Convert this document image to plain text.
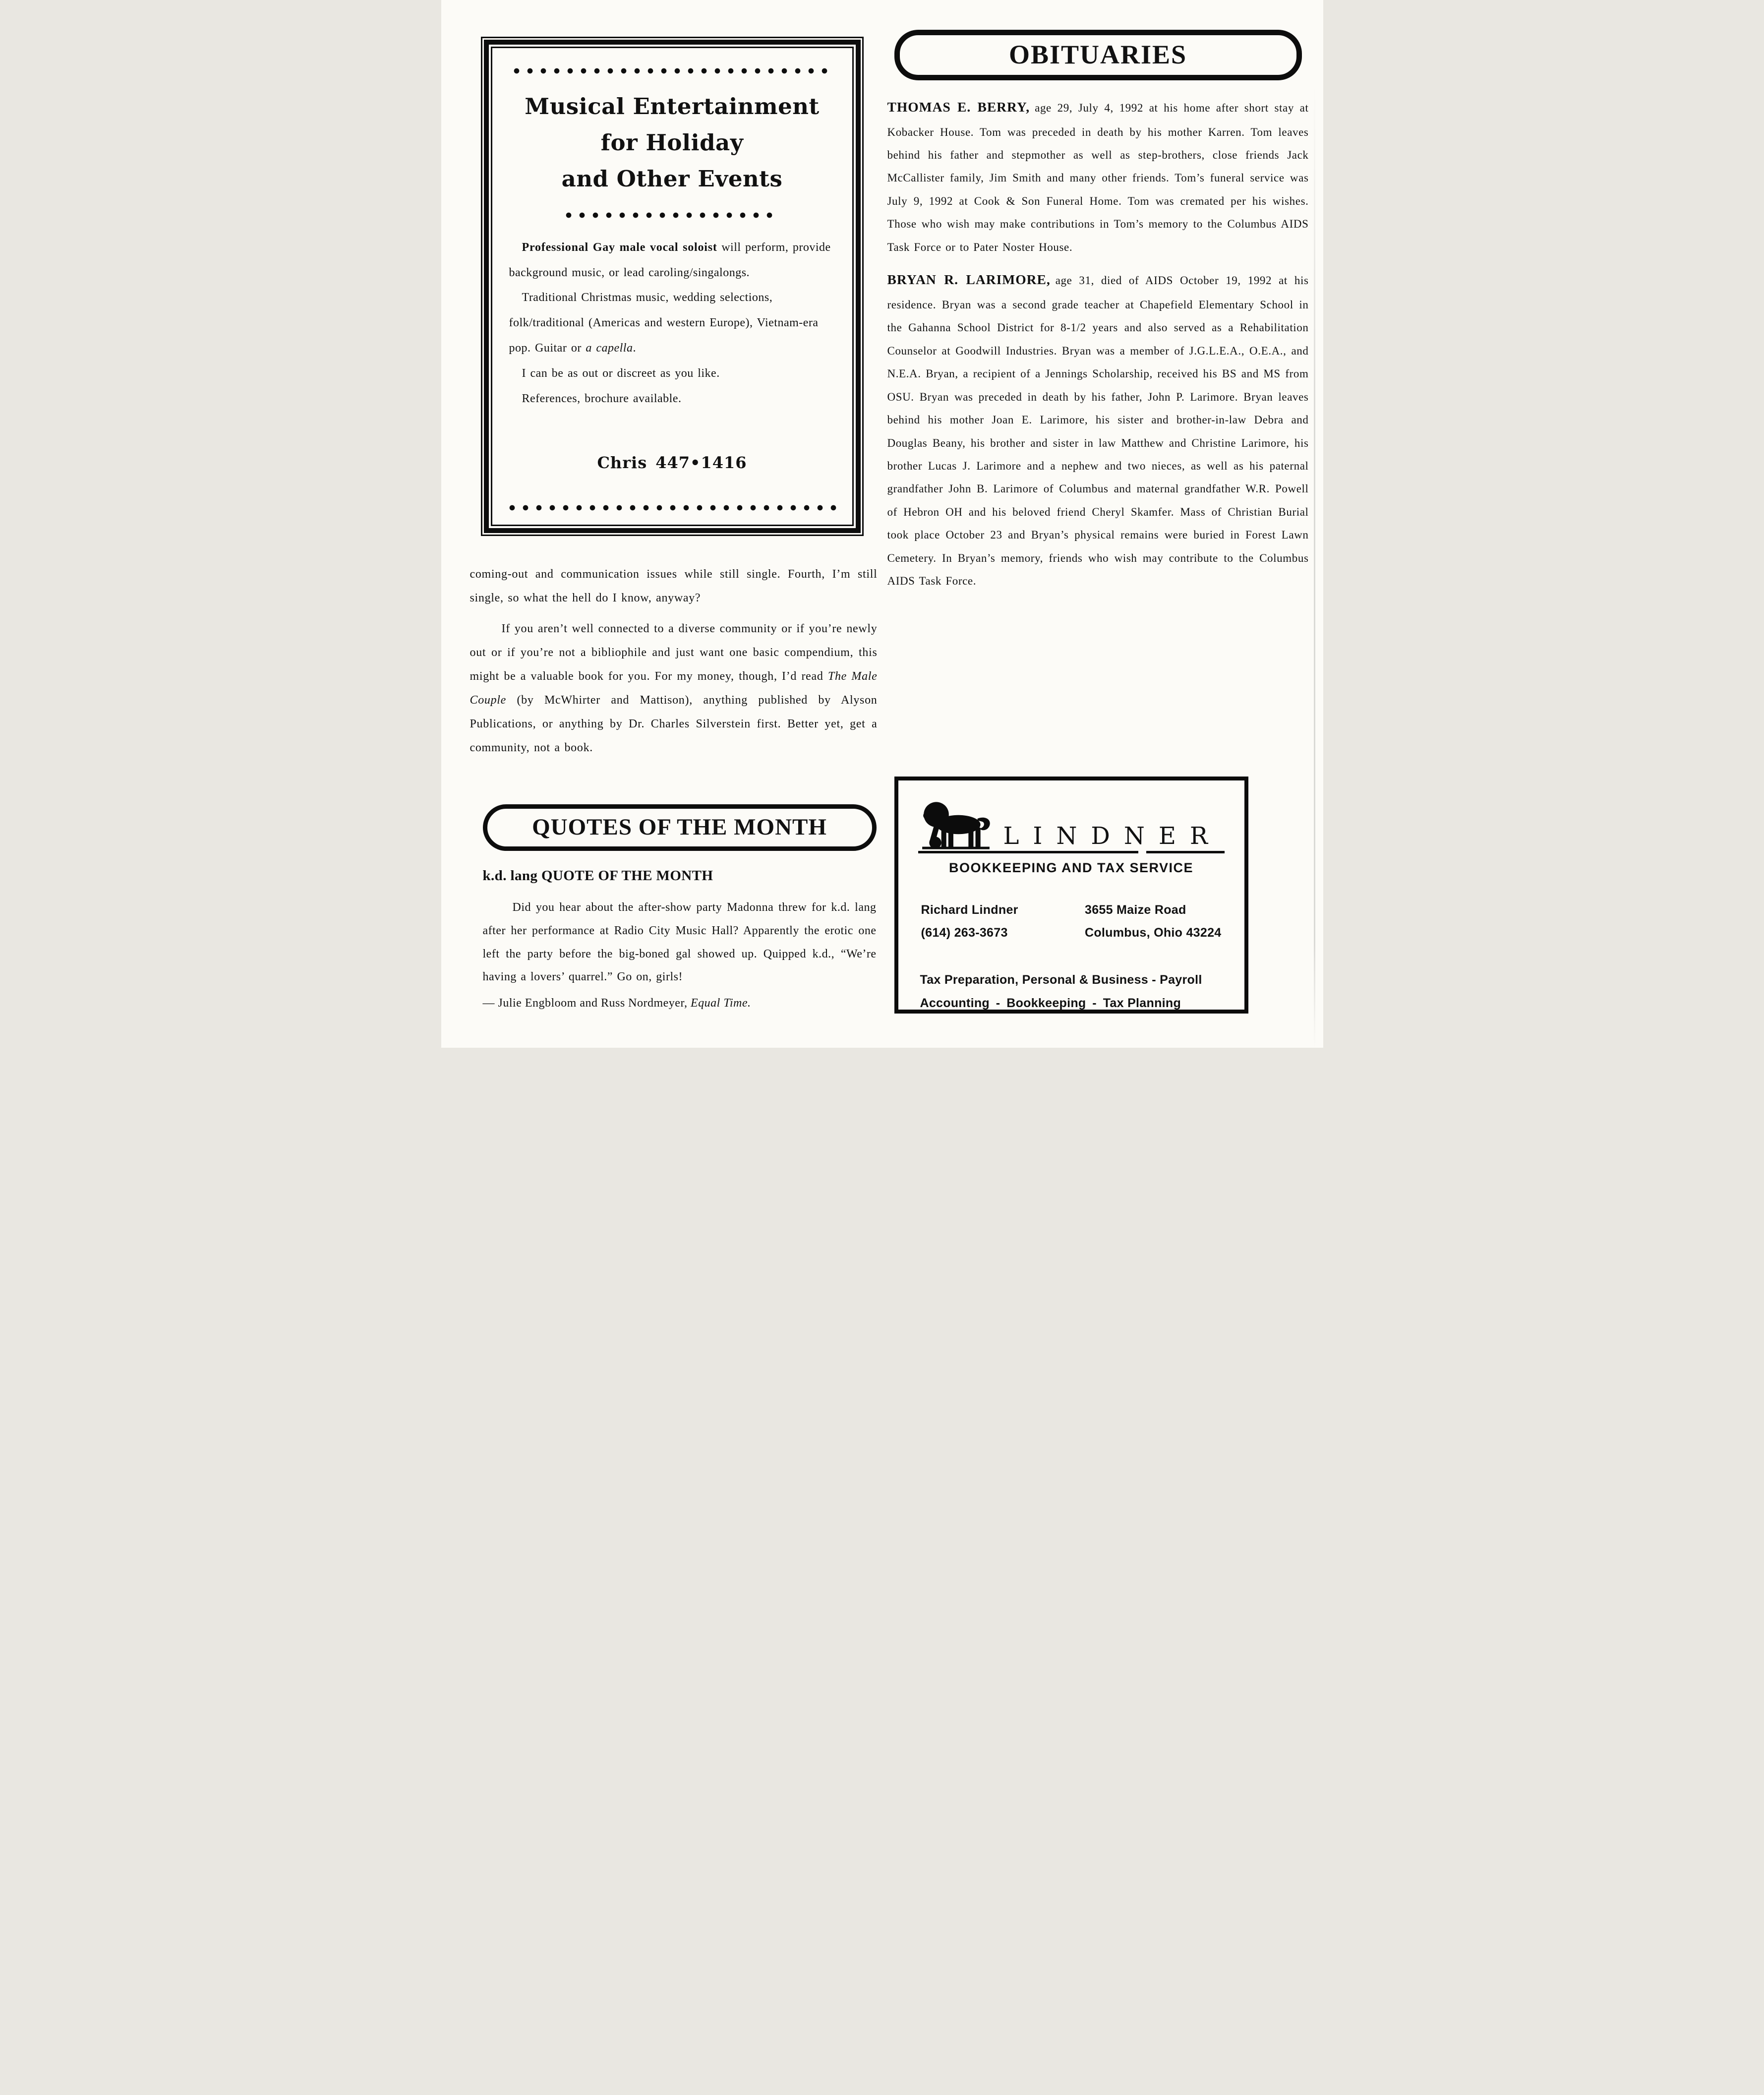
Musical Entertainment
for Holiday
and Other Events

Professional Gay male vocal soloist will perform, provide background music, or lead caroling/singalongs.

Traditional Christmas music, wedding selections, folk/traditional (Americas and western Europe), Vietnam-era pop. Guitar or a capella.

I can be as out or discreet as you like.

References, brochure available.

Chris 447•1416
OBITUARIES

THOMAS E. BERRY, age 29, July 4, 1992 at his home after short stay at Kobacker House. Tom was preceded in death by his mother Karren. Tom leaves behind his father and stepmother as well as step-brothers, close friends Jack McCallister family, Jim Smith and many other friends. Tom’s funeral service was July 9, 1992 at Cook & Son Funeral Home. Tom was cremated per his wishes. Those who wish may make contributions in Tom’s memory to the Columbus AIDS Task Force or to Pater Noster House.

BRYAN R. LARIMORE, age 31, died of AIDS October 19, 1992 at his residence. Bryan was a second grade teacher at Chapefield Elementary School in the Gahanna School District for 8-1/2 years and also served as a Rehabilitation Counselor at Goodwill Industries. Bryan was a member of J.G.L.E.A., O.E.A., and N.E.A. Bryan, a recipient of a Jennings Scholarship, received his BS and MS from OSU. Bryan was preceded in death by his father, John P. Larimore. Bryan leaves behind his mother Joan E. Larimore, his sister and brother-in-law Debra and Douglas Beany, his brother and sister in law Matthew and Christine Larimore, his brother Lucas J. Larimore and a nephew and two nieces, as well as his paternal grandfather John B. Larimore of Columbus and maternal grandfather W.R. Powell of Hebron OH and his beloved friend Cheryl Skamfer. Mass of Christian Burial took place October 23 and Bryan’s physical remains were buried in Forest Lawn Cemetery. In Bryan’s memory, friends who wish may contribute to the Columbus AIDS Task Force.

coming-out and communication issues while still single. Fourth, I’m still single, so what the hell do I know, anyway?

If you aren’t well connected to a diverse community or if you’re newly out or if you’re not a bibliophile and just want one basic compendium, this might be a valuable book for you. For my money, though, I’d read The Male Couple (by McWhirter and Mattison), anything published by Alyson Publications, or anything by Dr. Charles Silverstein first. Better yet, get a community, not a book.

QUOTES OF THE MONTH

k.d. lang QUOTE OF THE MONTH

Did you hear about the after-show party Madonna threw for k.d. lang after her performance at Radio City Music Hall? Apparently the erotic one left the party before the big-boned gal showed up. Quipped k.d., “We’re having a lovers’ quarrel.” Go on, girls!

— Julie Engbloom and Russ Nordmeyer, Equal Time.

LINDNER

BOOKKEEPING AND TAX SERVICE

Richard Lindner
(614) 263-3673
3655 Maize Road
Columbus, Ohio 43224
Tax Preparation, Personal & Business - Payroll
Accounting - Bookkeeping - Tax Planning
